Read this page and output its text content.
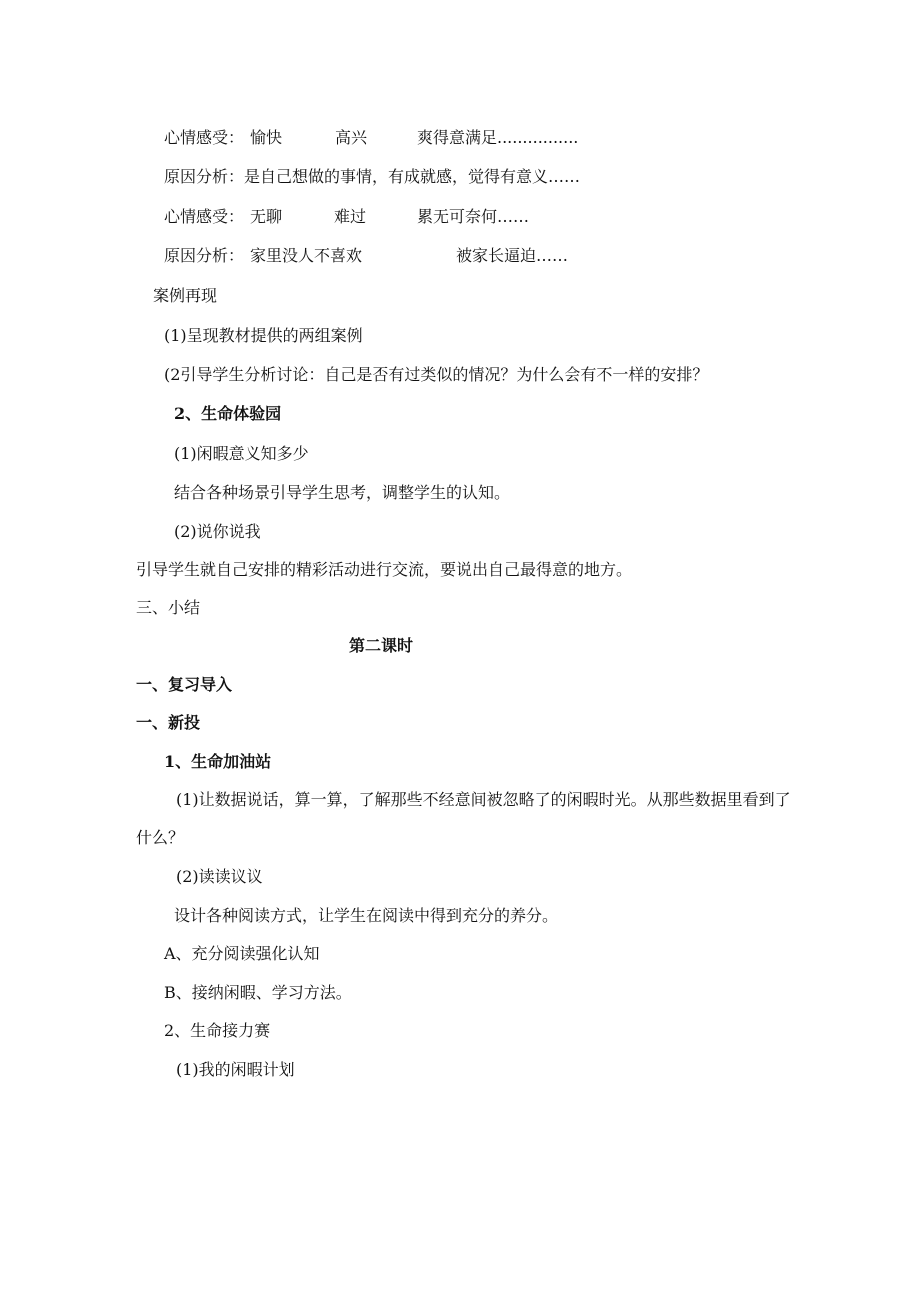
心情感受： 愉快	高兴	爽得意满足................
原因分析：是自己想做的事情，有成就感，觉得有意义……
心情感受： 无聊	难过	累无可奈何……
原因分析： 家里没人不喜欢	被家长逼迫……
案例再现
(1)呈现教材提供的两组案例
(2引导学生分析讨论：自己是否有过类似的情况？为什么会有不一样的安排？
2、生命体验园
(1)闲暇意义知多少
结合各种场景引导学生思考，调整学生的认知。
(2)说你说我
引导学生就自己安排的精彩活动进行交流，要说出自己最得意的地方。
三、小结
第二课时
一、复习导入
一、新投
1、生命加油站
(1)让数据说话，算一算，了解那些不经意间被忽略了的闲暇时光。从那些数据里看到了
什么？
(2)读读议议
设计各种阅读方式，让学生在阅读中得到充分的养分。
A、充分阅读强化认知
B、接纳闲暇、学习方法。
2、生命接力赛
(1)我的闲暇计划
